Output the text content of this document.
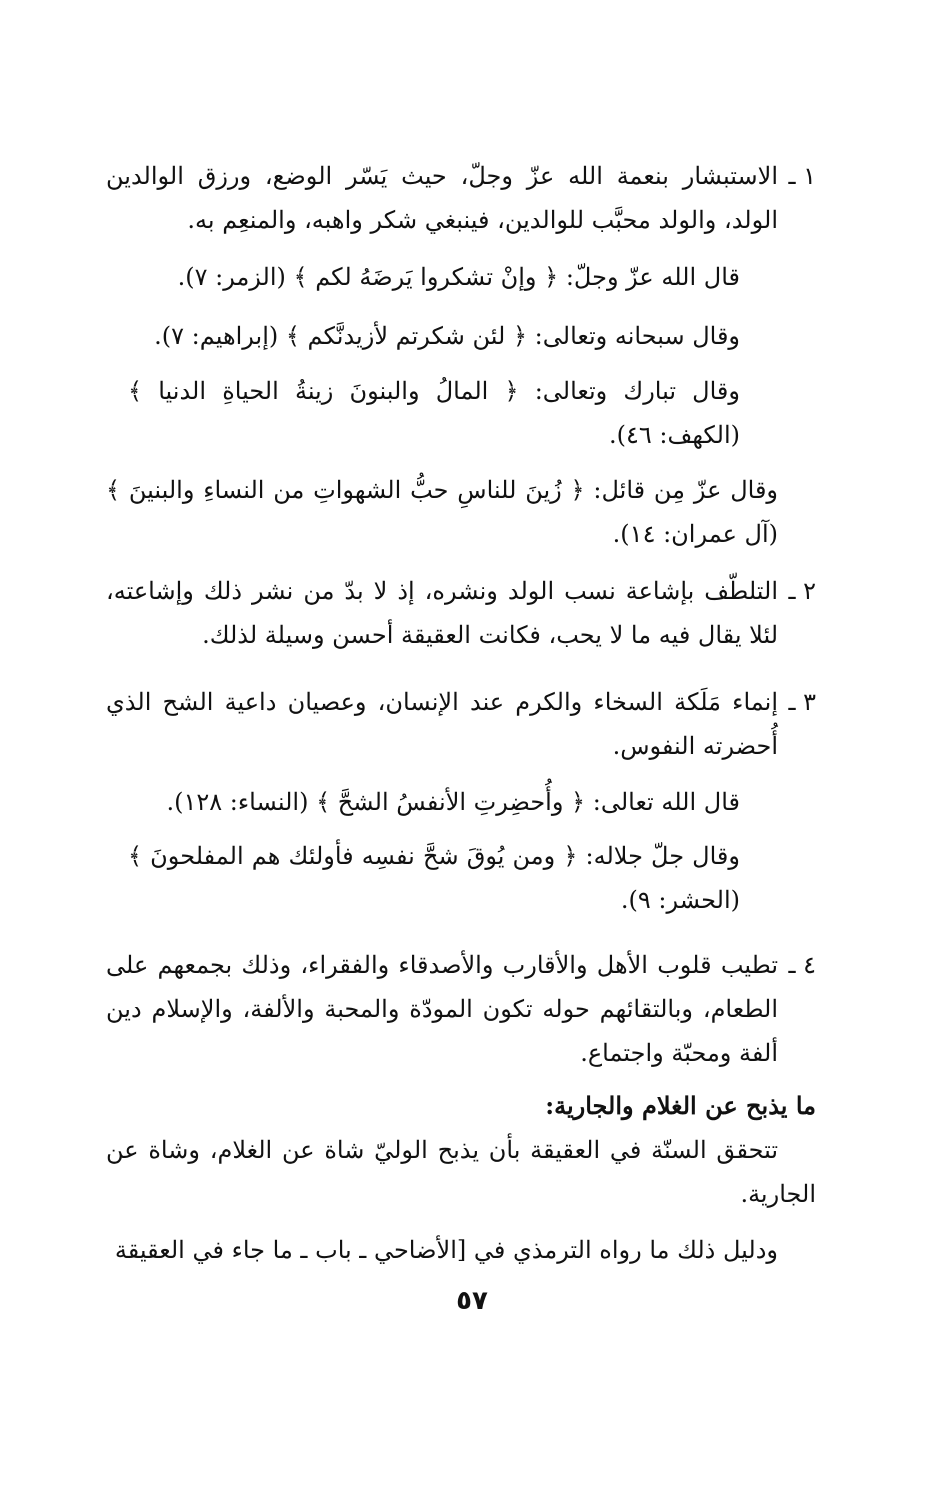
١ ـ
الاستبشار بنعمة الله عزّ وجلّ، حيث يَسّر الوضع، ورزق الوالدين الولد، والولد محبَّب للوالدين، فينبغي شكر واهبه، والمنعِم به.
قال الله عزّ وجلّ: ﴿ وإنْ تشكروا يَرضَهُ لكم ﴾ (الزمر: ٧).
وقال سبحانه وتعالى: ﴿ لئن شكرتم لأزيدنَّكم ﴾ (إبراهيم: ٧).
وقال تبارك وتعالى: ﴿ المالُ والبنونَ زينةُ الحياةِ الدنيا ﴾ (الكهف: ٤٦).
وقال عزّ مِن قائل: ﴿ زُينَ للناسِ حبُّ الشهواتِ من النساءِ والبنينَ ﴾ (آل عمران: ١٤).
٢ ـ
التلطّف بإشاعة نسب الولد ونشره، إذ لا بدّ من نشر ذلك وإشاعته، لئلا يقال فيه ما لا يحب، فكانت العقيقة أحسن وسيلة لذلك.
٣ ـ
إنماء مَلَكة السخاء والكرم عند الإنسان، وعصيان داعية الشح الذي أُحضرته النفوس.
قال الله تعالى: ﴿ وأُحضِرتِ الأنفسُ الشحَّ ﴾ (النساء: ١٢٨).
وقال جلّ جلاله: ﴿ ومن يُوقَ شحَّ نفسِه فأولئك هم المفلحونَ ﴾ (الحشر: ٩).
٤ ـ
تطيب قلوب الأهل والأقارب والأصدقاء والفقراء، وذلك بجمعهم على الطعام، وبالتقائهم حوله تكون المودّة والمحبة والألفة، والإسلام دين ألفة ومحبّة واجتماع.
ما يذبح عن الغلام والجارية:
تتحقق السنّة في العقيقة بأن يذبح الوليّ شاة عن الغلام، وشاة عن الجارية.
ودليل ذلك ما رواه الترمذي في [الأضاحي ـ باب ـ ما جاء في العقيقة
٥٧
